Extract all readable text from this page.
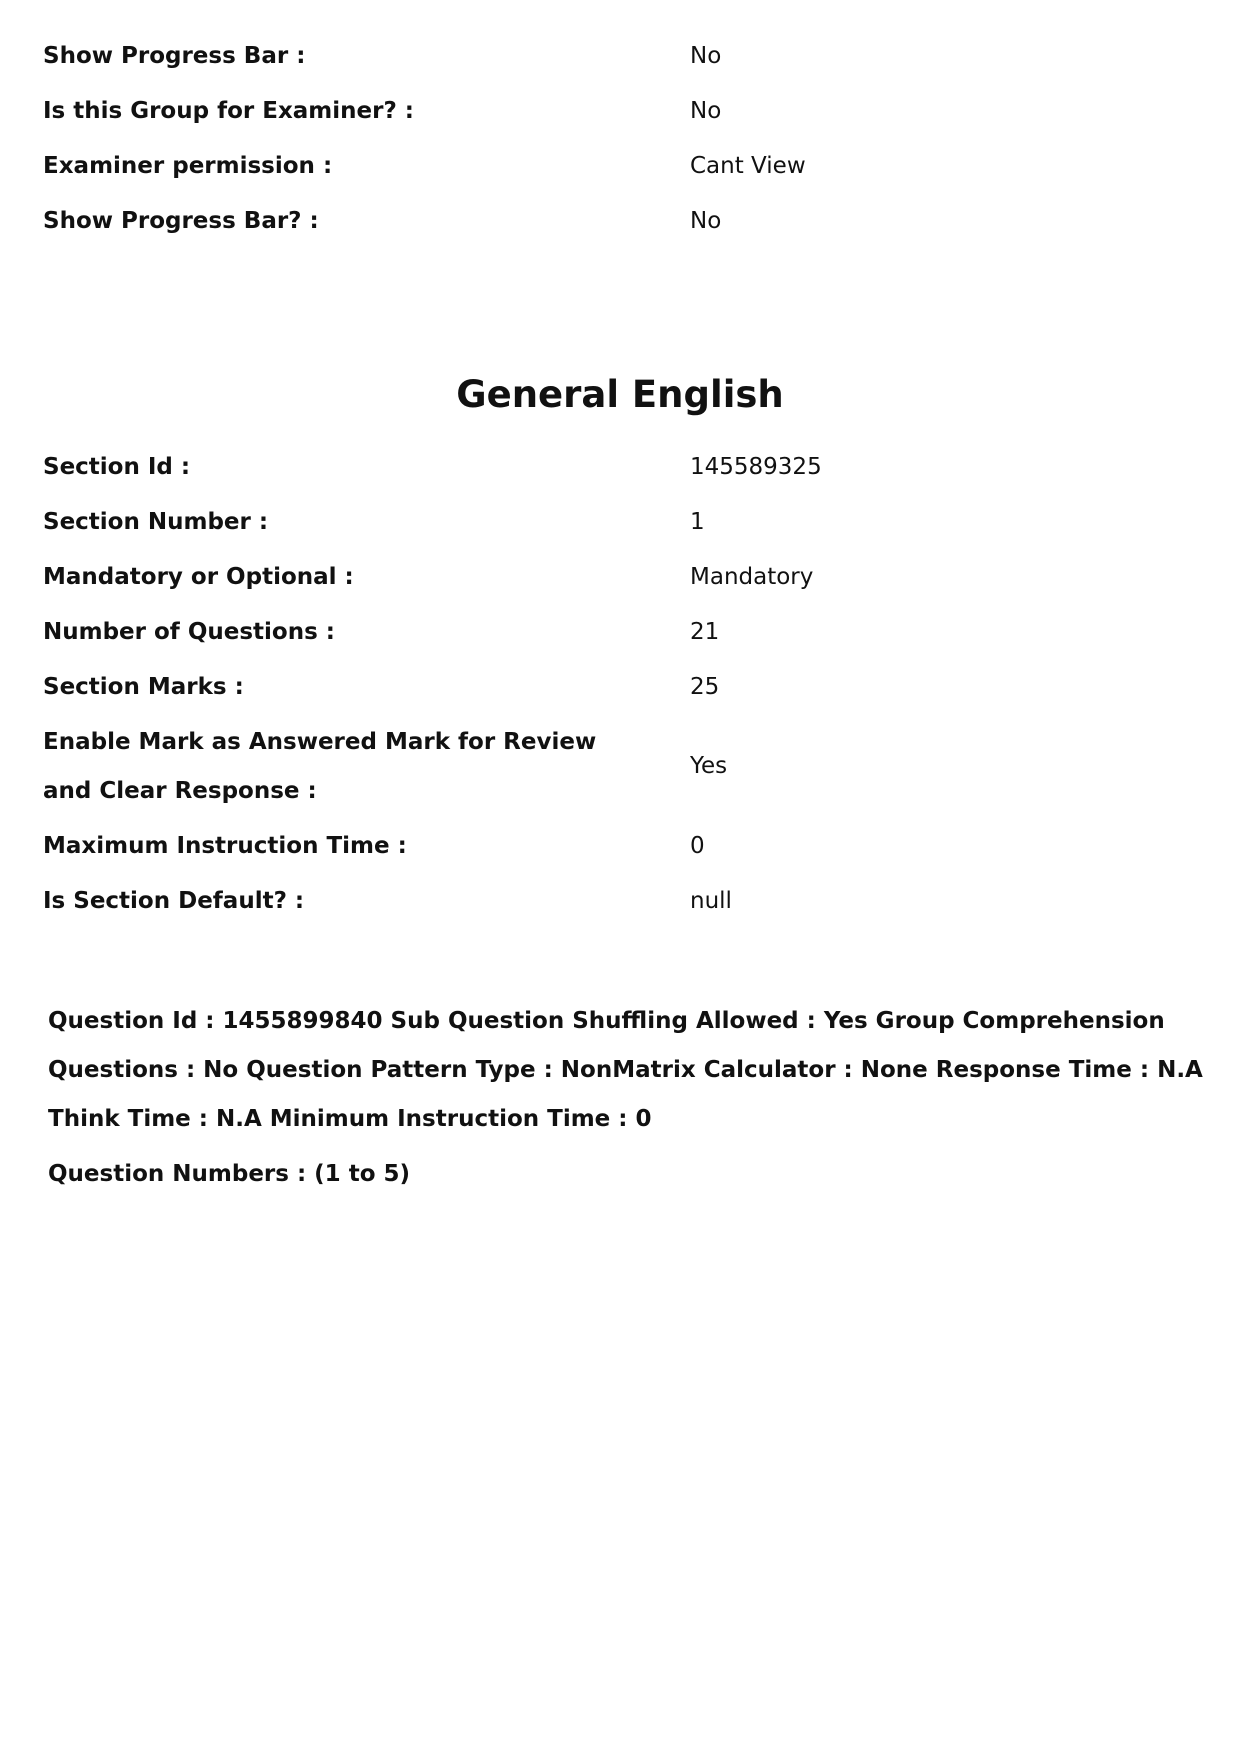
Show Progress Bar :	No
Is this Group for Examiner? :	No
Examiner permission :	Cant View
Show Progress Bar? :	No
General English
Section Id :	145589325
Section Number :	1
Mandatory or Optional :	Mandatory
Number of Questions :	21
Section Marks :	25
Enable Mark as Answered Mark for Review and Clear Response :
Yes
Maximum Instruction Time :	0
Is Section Default? :	null
Question Id : 1455899840 Sub Question Shuffling Allowed : Yes Group Comprehension Questions : No Question Pattern Type : NonMatrix Calculator : None Response Time : N.A Think Time : N.A Minimum Instruction Time : 0
Question Numbers : (1 to 5)
